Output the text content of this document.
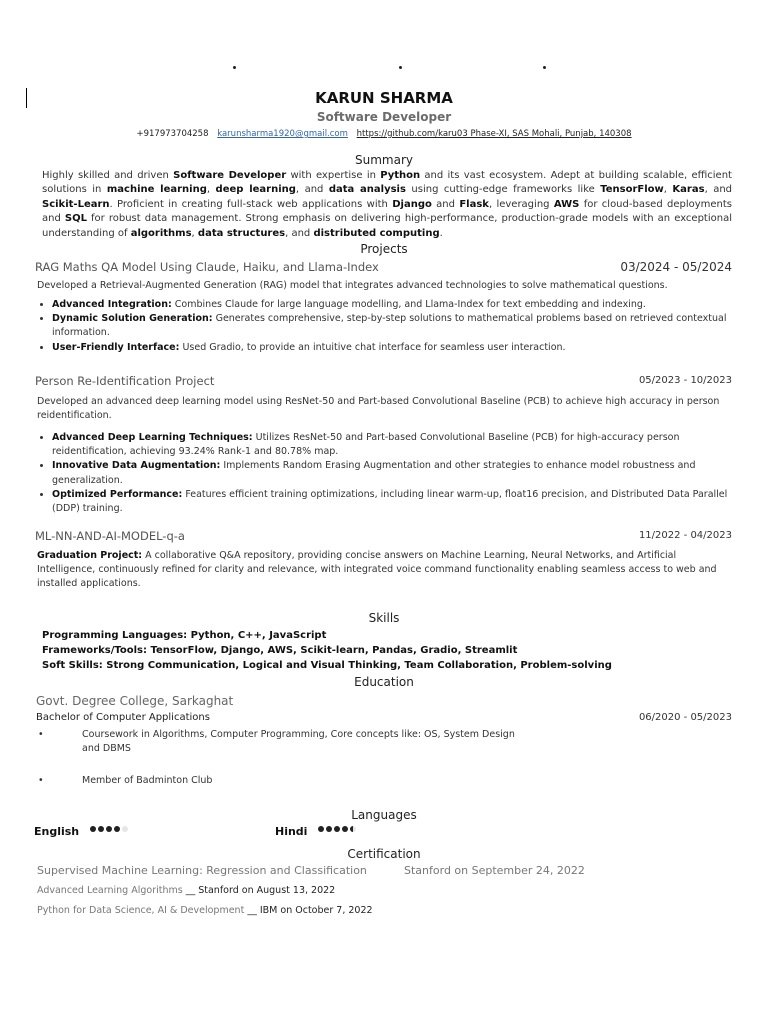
KARUN SHARMA
Software Developer
+917973704258 karunsharma1920@gmail.com https://github.com/karu03 Phase-XI, SAS Mohali, Punjab, 140308
Summary
Highly skilled and driven Software Developer with expertise in Python and its vast ecosystem. Adept at building scalable, efficient solutions in machine learning, deep learning, and data analysis using cutting-edge frameworks like TensorFlow, Karas, and Scikit-Learn. Proficient in creating full-stack web applications with Django and Flask, leveraging AWS for cloud-based deployments and SQL for robust data management. Strong emphasis on delivering high-performance, production-grade models with an exceptional understanding of algorithms, data structures, and distributed computing.
Projects
RAG Maths QA Model Using Claude, Haiku, and Llama-Index	03/2024 - 05/2024
Developed a Retrieval-Augmented Generation (RAG) model that integrates advanced technologies to solve mathematical questions.
• Advanced Integration: Combines Claude for large language modelling, and Llama-Index for text embedding and indexing.
• Dynamic Solution Generation: Generates comprehensive, step-by-step solutions to mathematical problems based on retrieved contextual information.
• User-Friendly Interface: Used Gradio, to provide an intuitive chat interface for seamless user interaction.
Person Re-Identification Project	05/2023 - 10/2023
Developed an advanced deep learning model using ResNet-50 and Part-based Convolutional Baseline (PCB) to achieve high accuracy in person reidentification.
• Advanced Deep Learning Techniques: Utilizes ResNet-50 and Part-based Convolutional Baseline (PCB) for high-accuracy person reidentification, achieving 93.24% Rank-1 and 80.78% map.
• Innovative Data Augmentation: Implements Random Erasing Augmentation and other strategies to enhance model robustness and generalization.
• Optimized Performance: Features efficient training optimizations, including linear warm-up, float16 precision, and Distributed Data Parallel (DDP) training.
ML-NN-AND-AI-MODEL-q-a	11/2022 - 04/2023
Graduation Project: A collaborative Q&A repository, providing concise answers on Machine Learning, Neural Networks, and Artificial Intelligence, continuously refined for clarity and relevance, with integrated voice command functionality enabling seamless access to web and installed applications.
Skills
Programming Languages: Python, C++, JavaScript
Frameworks/Tools: TensorFlow, Django, AWS, Scikit-learn, Pandas, Gradio, Streamlit
Soft Skills: Strong Communication, Logical and Visual Thinking, Team Collaboration, Problem-solving
Education
Govt. Degree College, Sarkaghat
Bachelor of Computer Applications	06/2020 - 05/2023
•	Coursework in Algorithms, Computer Programming, Core concepts like: OS, System Design and DBMS
•	Member of Badminton Club
Languages
English	Hindi
Certification
Supervised Machine Learning: Regression and Classification	Stanford on September 24, 2022
Advanced Learning Algorithms __ Stanford on August 13, 2022
Python for Data Science, AI & Development __ IBM on October 7, 2022
